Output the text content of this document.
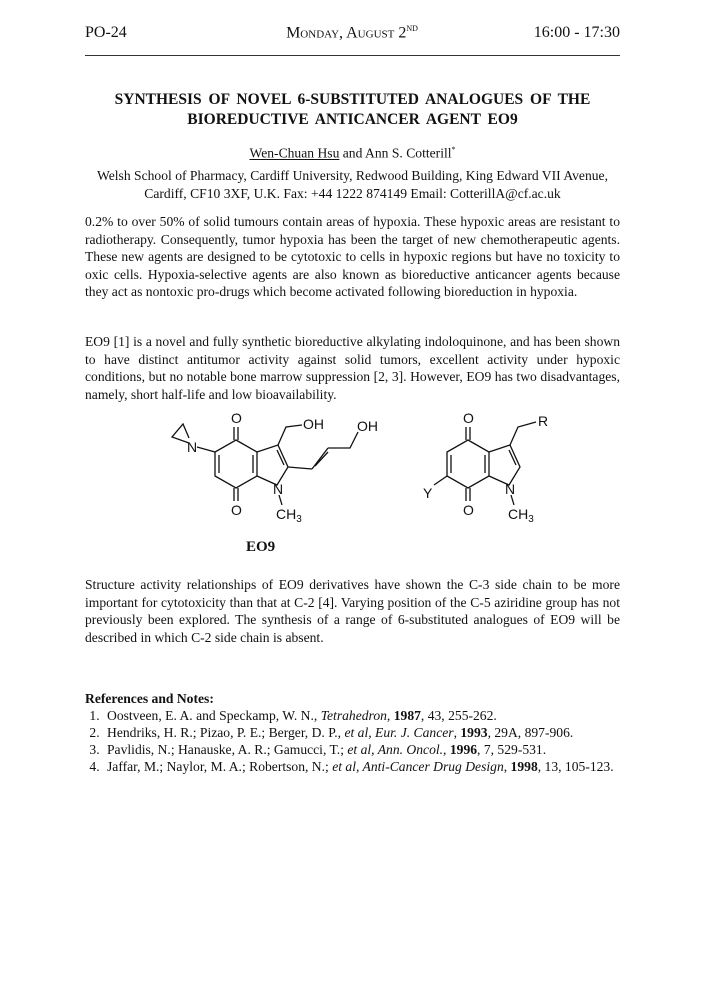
PO-24	Monday, August 2ND	16:00 - 17:30
SYNTHESIS OF NOVEL 6-SUBSTITUTED ANALOGUES OF THE
BIOREDUCTIVE ANTICANCER AGENT EO9
Wen-Chuan Hsu and Ann S. Cotterill*
Welsh School of Pharmacy, Cardiff University, Redwood Building, King Edward VII Avenue,
Cardiff, CF10 3XF, U.K. Fax: +44 1222 874149 Email: CotterillA@cf.ac.uk
0.2% to over 50% of solid tumours contain areas of hypoxia. These hypoxic areas are resistant to radiotherapy. Consequently, tumor hypoxia has been the target of new chemotherapeutic agents. These new agents are designed to be cytotoxic to cells in hypoxic regions but have no toxicity to oxic cells. Hypoxia-selective agents are also known as bioreductive anticancer agents because they act as nontoxic pro-drugs which become activated following bioreduction in hypoxia.
EO9 [1] is a novel and fully synthetic bioreductive alkylating indoloquinone, and has been shown to have distinct antitumor activity against solid tumors, excellent activity under hypoxic conditions, but no notable bone marrow suppression [2, 3]. However, EO9 has two disadvantages, namely, short half-life and low bioavailability.
O
O
N
N
OH OH
$CH_3$
EO9
O
O
N
Y
R
$CH_3$
Structure activity relationships of EO9 derivatives have shown the C-3 side chain to be more important for cytotoxicity than that at C-2 [4]. Varying position of the C-5 aziridine group has not previously been explored. The synthesis of a range of 6-substituted analogues of EO9 will be described in which C-2 side chain is absent.
References and Notes:
1. Oostveen, E. A. and Speckamp, W. N., Tetrahedron, 1987, 43, 255-262.
2. Hendriks, H. R.; Pizao, P. E.; Berger, D. P., et al, Eur. J. Cancer, 1993, 29A, 897-906.
3. Pavlidis, N.; Hanauske, A. R.; Gamucci, T.; et al, Ann. Oncol., 1996, 7, 529-531.
4. Jaffar, M.; Naylor, M. A.; Robertson, N.; et al, Anti-Cancer Drug Design, 1998, 13, 105-123.
